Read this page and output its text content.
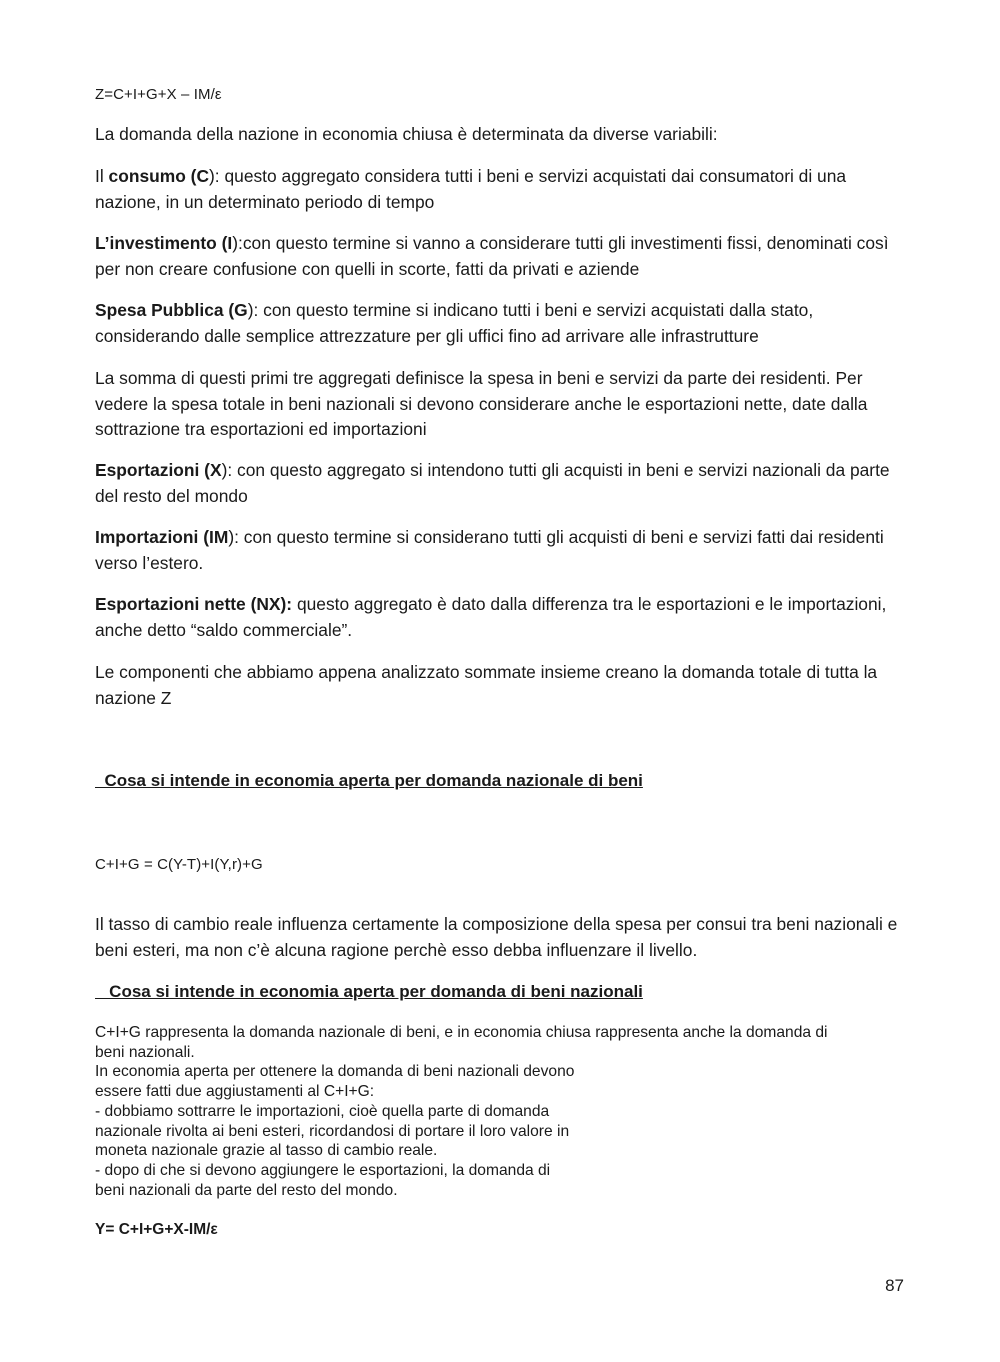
Z=C+I+G+X – IM/ε

La domanda della nazione in economia chiusa è determinata da diverse variabili:

Il consumo (C): questo aggregato considera tutti i beni e servizi acquistati dai consumatori di una nazione, in un determinato periodo di tempo

L’investimento (I):con questo termine si vanno a considerare tutti gli investimenti fissi, denominati così per non creare confusione con quelli in scorte, fatti da privati e aziende

Spesa Pubblica (G): con questo termine si indicano tutti i beni e servizi acquistati dalla stato, considerando dalle semplice attrezzature per gli uffici fino ad arrivare alle infrastrutture

La somma di questi primi tre aggregati definisce la spesa in beni e servizi da parte dei residenti. Per vedere la spesa totale in beni nazionali si devono considerare anche le esportazioni nette, date dalla sottrazione tra esportazioni ed importazioni

Esportazioni (X): con questo aggregato si intendono tutti gli acquisti in beni e servizi nazionali da parte del resto del mondo

Importazioni (IM): con questo termine si considerano tutti gli acquisti di beni e servizi fatti dai residenti verso l’estero.

Esportazioni nette (NX): questo aggregato è dato dalla differenza tra le esportazioni e le importazioni, anche detto “saldo commerciale”.

Le componenti che abbiamo appena analizzato sommate insieme creano la domanda totale di tutta la nazione Z

Cosa si intende in economia aperta per domanda nazionale di beni
C+I+G = C(Y-T)+I(Y,r)+G

Il tasso di cambio reale influenza certamente la composizione della spesa per consui tra beni nazionali e beni esteri, ma non c’è alcuna ragione perchè esso debba influenzare il livello.

Cosa si intende in economia aperta per domanda di beni nazionali
C+I+G rappresenta la domanda nazionale di beni, e in economia chiusa rappresenta anche la domanda di
beni nazionali.
In economia aperta per ottenere la domanda di beni nazionali devono
essere fatti due aggiustamenti al C+I+G:
- dobbiamo sottrarre le importazioni, cioè quella parte di domanda
nazionale rivolta ai beni esteri, ricordandosi di portare il loro valore in
moneta nazionale grazie al tasso di cambio reale.
- dopo di che si devono aggiungere le esportazioni, la domanda di
beni nazionali da parte del resto del mondo.
Y= C+I+G+X-IM/ε
87
